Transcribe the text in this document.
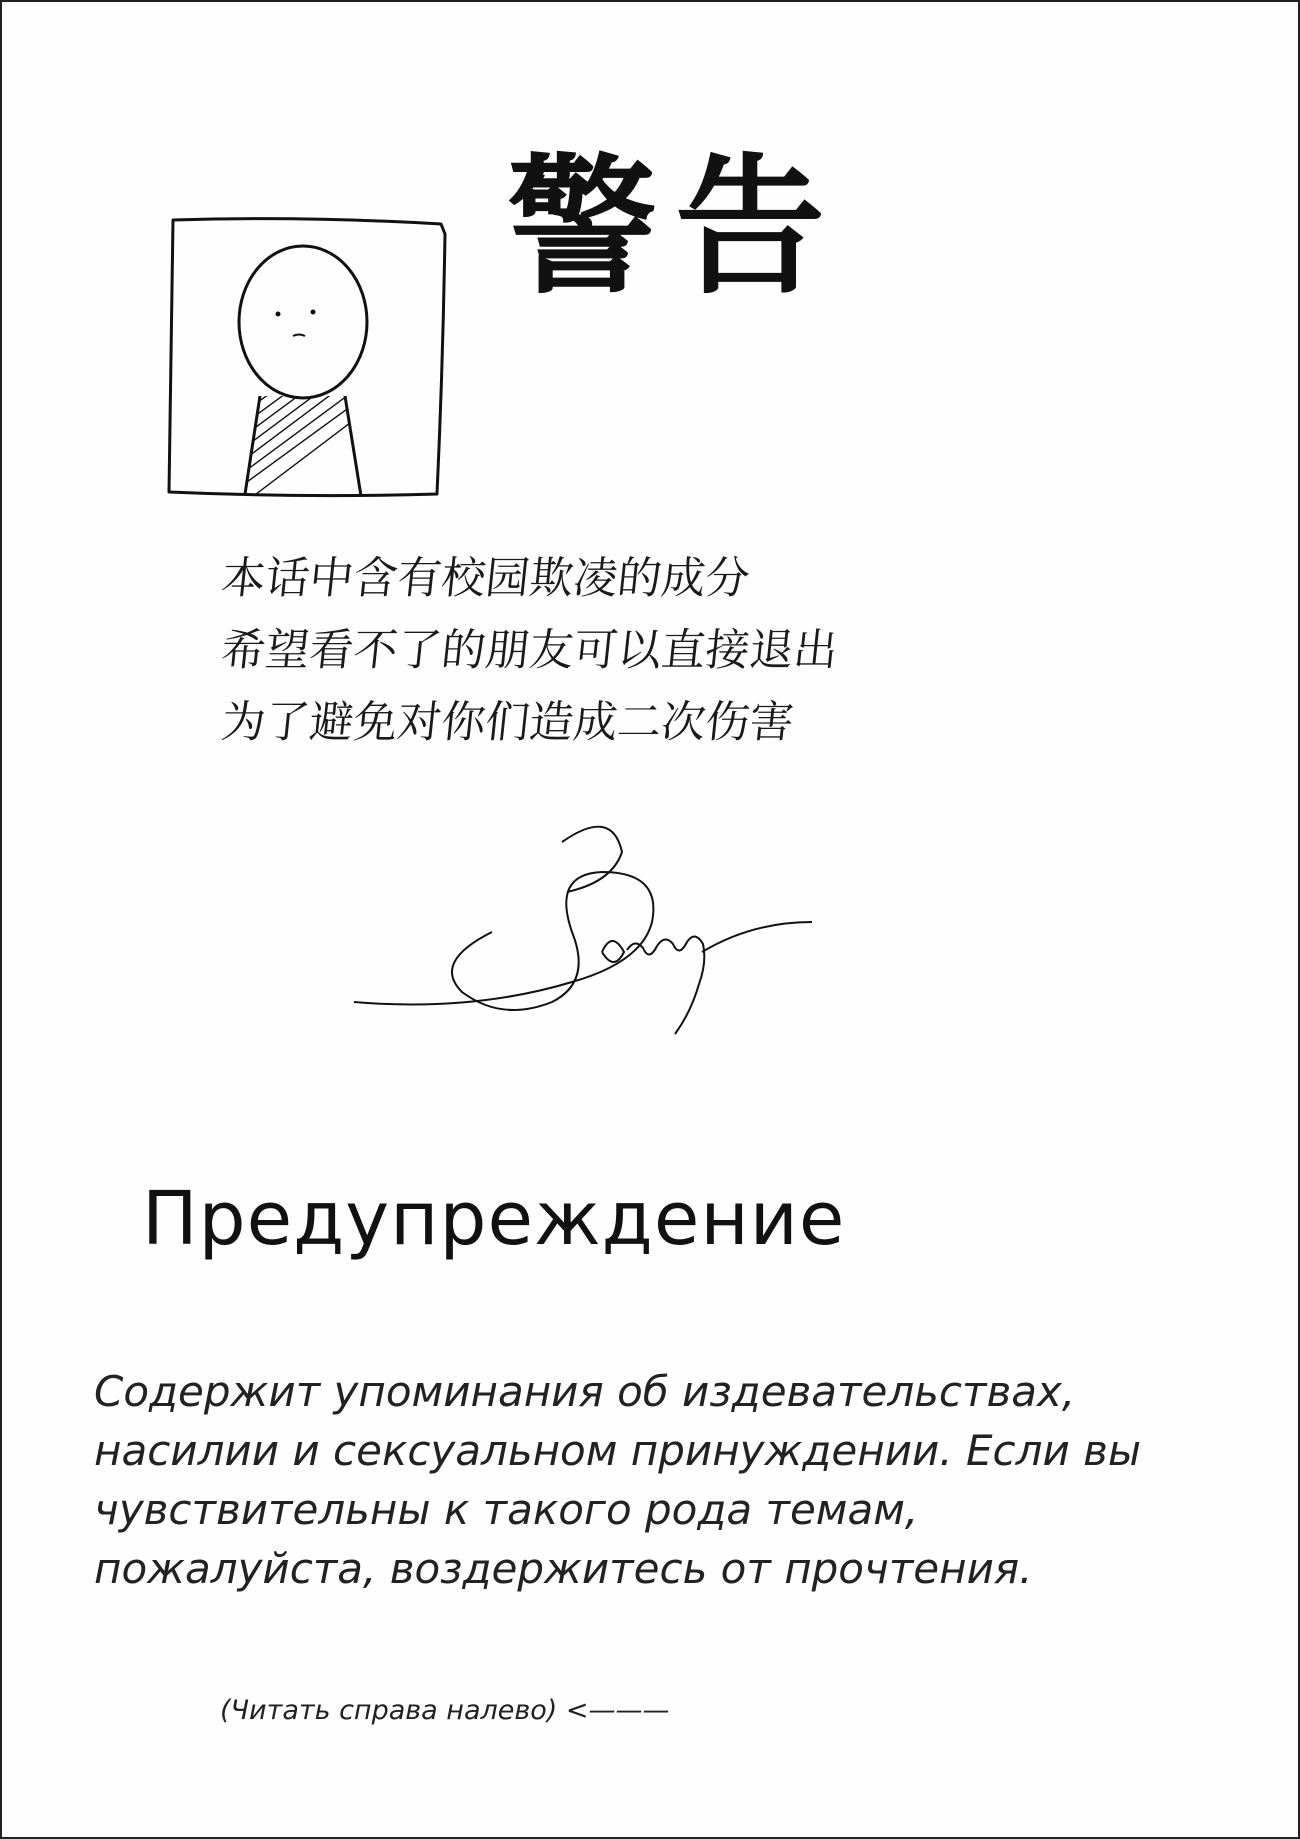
警告
本话中含有校园欺凌的成分
希望看不了的朋友可以直接退出
为了避免对你们造成二次伤害
Предупреждение
Содержит упоминания об издевательствах,
насилии и сексуальном принуждении. Если вы
чувствительны к такого рода темам,
пожалуйста, воздержитесь от прочтения.
(Читать справа налево) <———
